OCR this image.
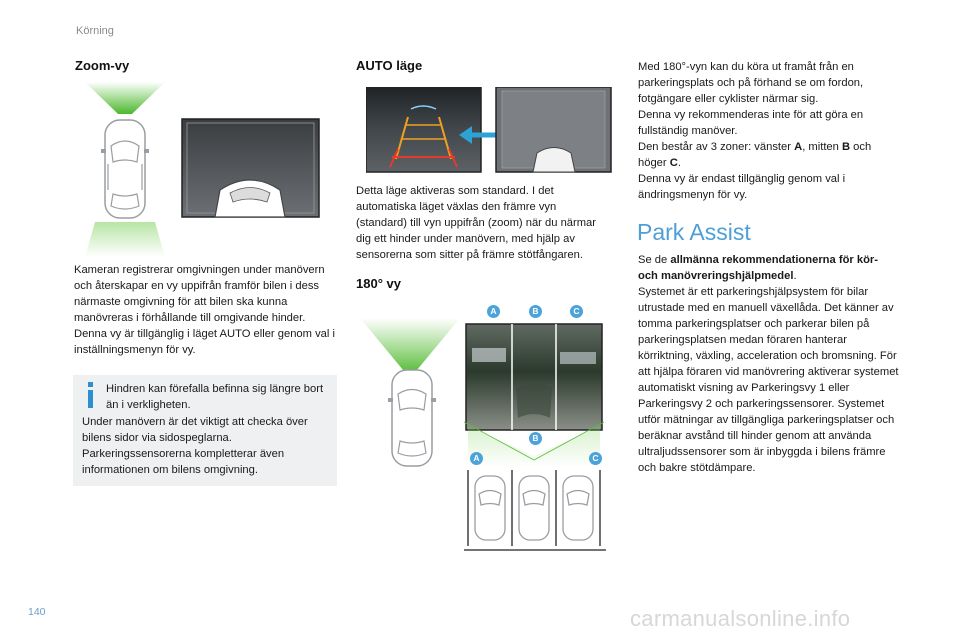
Körning
140	carmanualsonline.info
Zoom-vy

Kameran registrerar omgivningen under manövern och återskapar en vy uppifrån framför bilen i dess närmaste omgivning för att bilen ska kunna manövreras i förhållande till omgivande hinder.

Denna vy är tillgänglig i läget AUTO eller genom val i inställningsmenyn för vy.

Hindren kan förefalla befinna sig längre bort än i verkligheten.
Under manövern är det viktigt att checka över bilens sidor via sidospeglarna. Parkeringssensorerna kompletterar även informationen om bilens omgivning.
AUTO läge
Detta läge aktiveras som standard. I det automatiska läget växlas den främre vyn (standard) till vyn uppifrån (zoom) när du närmar dig ett hinder under manövern, med hjälp av sensorerna som sitter på främre stötfångaren.
180° vy
A	B	C
B
A	C

Med 180°-vyn kan du köra ut framåt från en parkeringsplats och på förhand se om fordon, fotgängare eller cyklister närmar sig.

Denna vy rekommenderas inte för att göra en fullständig manöver.

Den består av 3 zoner: vänster A, mitten B och höger C.

Denna vy är endast tillgänglig genom val i ändringsmenyn för vy.

Park Assist

Se de allmänna rekommendationerna för kör- och manövreringshjälpmedel.

Systemet är ett parkeringshjälpsystem för bilar utrustade med en manuell växellåda. Det känner av tomma parkeringsplatser och parkerar bilen på parkeringsplatsen medan föraren hanterar körriktning, växling, acceleration och bromsning. För att hjälpa föraren vid manövrering aktiverar systemet automatiskt visning av Parkeringsvy 1 eller Parkeringsvy 2 och parkeringssensorer. Systemet utför mätningar av tillgängliga parkeringsplatser och beräknar avstånd till hinder genom att använda ultraljudssensorer som är inbyggda i bilens främre och bakre stötdämpare.
